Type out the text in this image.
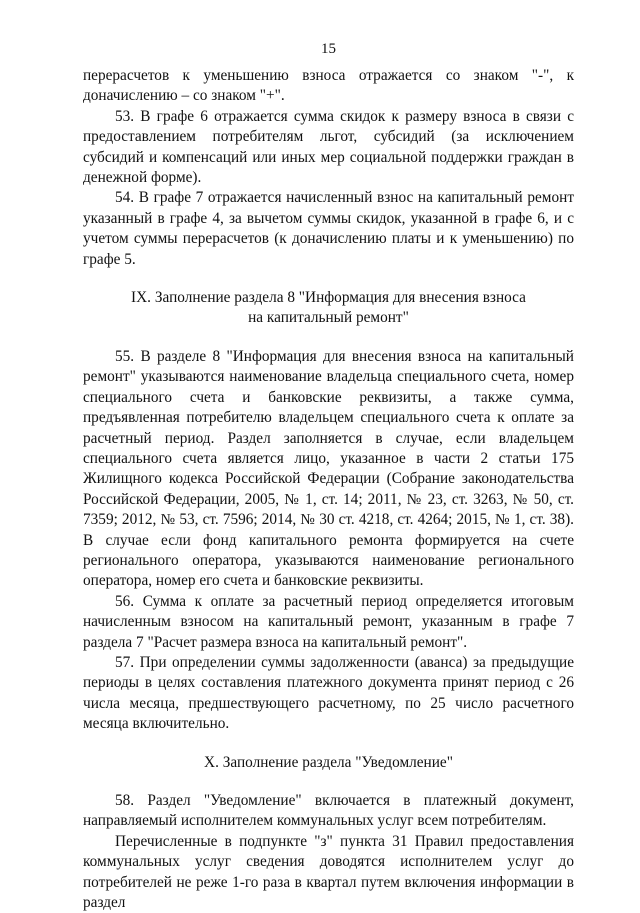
15

перерасчетов к уменьшению взноса отражается со знаком "-", к доначислению – со знаком "+".

53. В графе 6 отражается сумма скидок к размеру взноса в связи с предоставлением потребителям льгот, субсидий (за исключением субсидий и компенсаций или иных мер социальной поддержки граждан в денежной форме).

54. В графе 7 отражается начисленный взнос на капитальный ремонт указанный в графе 4, за вычетом суммы скидок, указанной в графе 6, и с учетом суммы перерасчетов (к доначислению платы и к уменьшению) по графе 5.

IX. Заполнение раздела 8 "Информация для внесения взноса
на капитальный ремонт"

55. В разделе 8 "Информация для внесения взноса на капитальный ремонт" указываются наименование владельца специального счета, номер специального счета и банковские реквизиты, а также сумма, предъявленная потребителю владельцем специального счета к оплате за расчетный период. Раздел заполняется в случае, если владельцем специального счета является лицо, указанное в части 2 статьи 175 Жилищного кодекса Российской Федерации (Собрание законодательства Российской Федерации, 2005, № 1, ст. 14; 2011, № 23, ст. 3263, № 50, ст. 7359; 2012, № 53, ст. 7596; 2014, № 30 ст. 4218, ст. 4264; 2015, № 1, ст. 38). В случае если фонд капитального ремонта формируется на счете регионального оператора, указываются наименование регионального оператора, номер его счета и банковские реквизиты.

56. Сумма к оплате за расчетный период определяется итоговым начисленным взносом на капитальный ремонт, указанным в графе 7 раздела 7 "Расчет размера взноса на капитальный ремонт".

57. При определении суммы задолженности (аванса) за предыдущие периоды в целях составления платежного документа принят период с 26 числа месяца, предшествующего расчетному, по 25 число расчетного месяца включительно.

X. Заполнение раздела "Уведомление"

58. Раздел "Уведомление" включается в платежный документ, направляемый исполнителем коммунальных услуг всем потребителям.

Перечисленные в подпункте "з" пункта 31 Правил предоставления коммунальных услуг сведения доводятся исполнителем услуг до потребителей не реже 1-го раза в квартал путем включения информации в раздел
